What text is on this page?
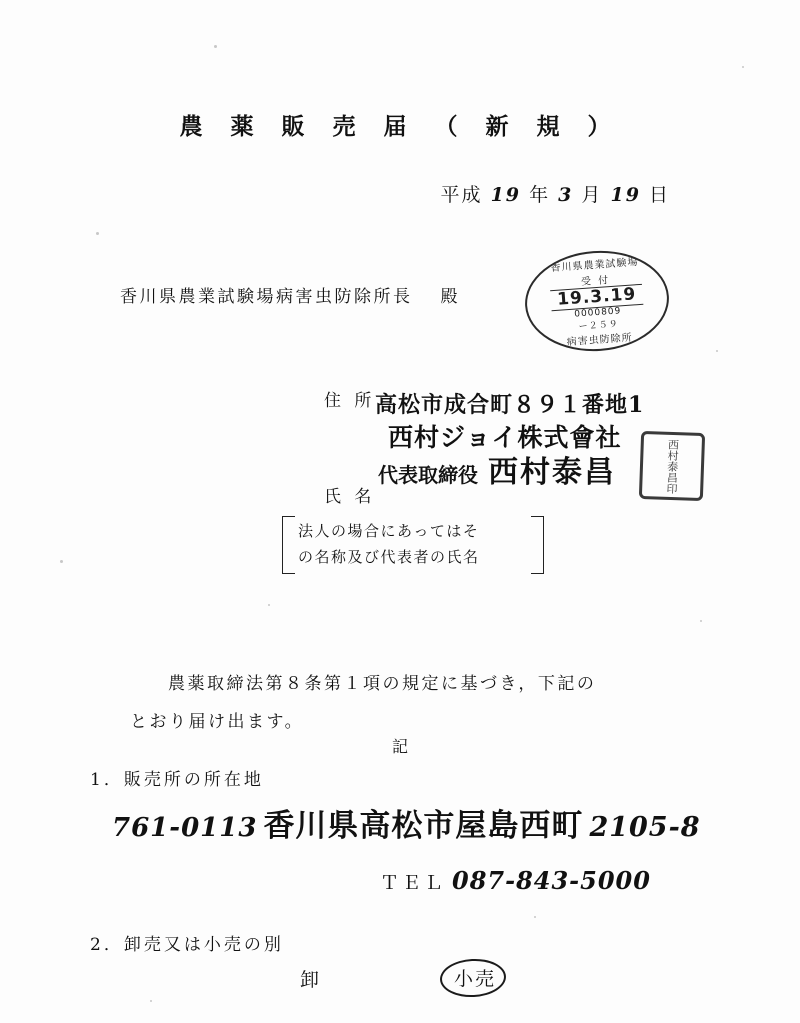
農 薬 販 売 届 （ 新 規 ）
平成 19 年 3 月 19 日
香川県農業試験場病害虫防除所長 殿
香川県農業試験場
受 付
19.3.19
0000809
ー２５９
病害虫防除所
住 所
氏 名
高松市成合町８９１番地1
西村ジョイ株式會社
代表取締役 西村泰昌	西村泰昌印
法人の場合にあってはそ
の名称及び代表者の氏名
農薬取締法第８条第１項の規定に基づき，下記の
とおり届け出ます。
記
1．販売所の所在地
761-0113 香川県高松市屋島西町 2105-8
ＴＥＬ 087-843-5000
2．卸売又は小売の別
卸	小売
